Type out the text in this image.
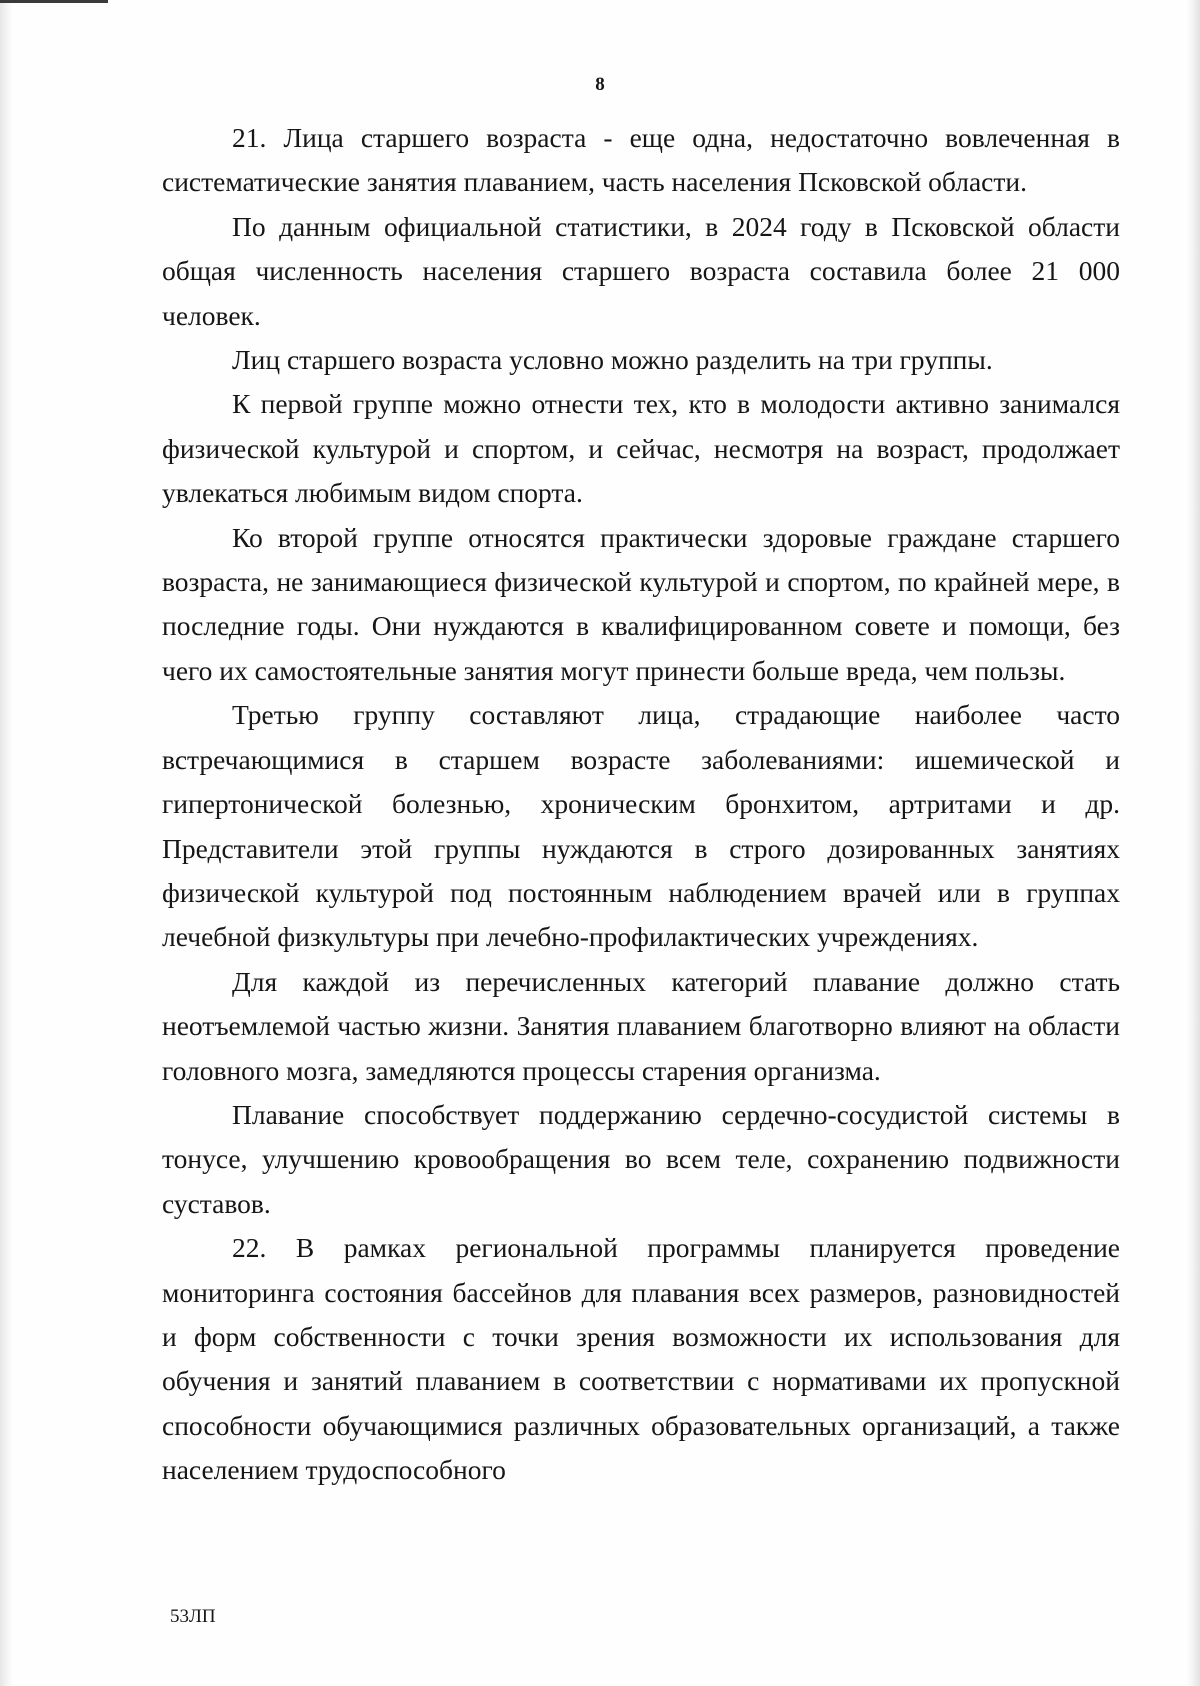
8

21. Лица старшего возраста - еще одна, недостаточно вовлеченная в систематические занятия плаванием, часть населения Псковской области.

По данным официальной статистики, в 2024 году в Псковской области общая численность населения старшего возраста составила более 21 000 человек.

Лиц старшего возраста условно можно разделить на три группы.

К первой группе можно отнести тех, кто в молодости активно занимался физической культурой и спортом, и сейчас, несмотря на возраст, продолжает увлекаться любимым видом спорта.

Ко второй группе относятся практически здоровые граждане старшего возраста, не занимающиеся физической культурой и спортом, по крайней мере, в последние годы. Они нуждаются в квалифицированном совете и помощи, без чего их самостоятельные занятия могут принести больше вреда, чем пользы.

Третью группу составляют лица, страдающие наиболее часто встречающимися в старшем возрасте заболеваниями: ишемической и гипертонической болезнью, хроническим бронхитом, артритами и др. Представители этой группы нуждаются в строго дозированных занятиях физической культурой под постоянным наблюдением врачей или в группах лечебной физкультуры при лечебно-профилактических учреждениях.

Для каждой из перечисленных категорий плавание должно стать неотъемлемой частью жизни. Занятия плаванием благотворно влияют на области головного мозга, замедляются процессы старения организма.

Плавание способствует поддержанию сердечно-сосудистой системы в тонусе, улучшению кровообращения во всем теле, сохранению подвижности суставов.

22. В рамках региональной программы планируется проведение мониторинга состояния бассейнов для плавания всех размеров, разновидностей и форм собственности с точки зрения возможности их использования для обучения и занятий плаванием в соответствии с нормативами их пропускной способности обучающимися различных образовательных организаций, а также населением трудоспособного

53ЛП
